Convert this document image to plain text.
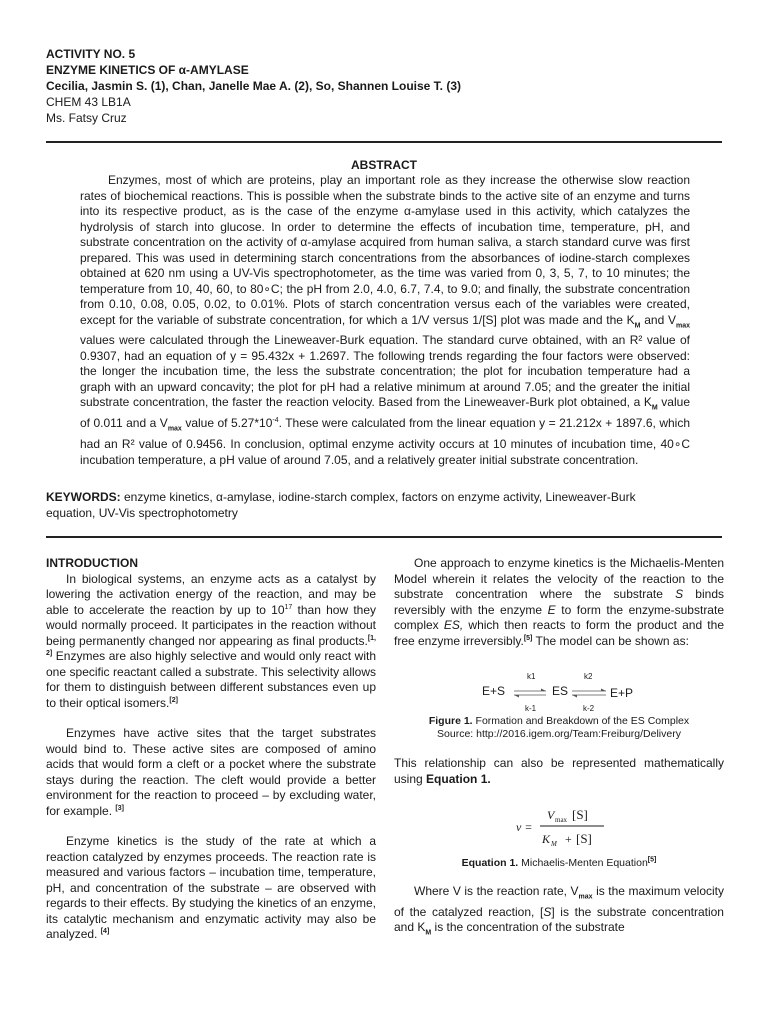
ACTIVITY NO. 5
ENZYME KINETICS OF α-AMYLASE
Cecilia, Jasmin S. (1), Chan, Janelle Mae A. (2), So, Shannen Louise T. (3)
CHEM 43 LB1A
Ms. Fatsy Cruz
ABSTRACT
Enzymes, most of which are proteins, play an important role as they increase the otherwise slow reaction rates of biochemical reactions. This is possible when the substrate binds to the active site of an enzyme and turns into its respective product, as is the case of the enzyme α-amylase used in this activity, which catalyzes the hydrolysis of starch into glucose. In order to determine the effects of incubation time, temperature, pH, and substrate concentration on the activity of α-amylase acquired from human saliva, a starch standard curve was first prepared. This was used in determining starch concentrations from the absorbances of iodine-starch complexes obtained at 620 nm using a UV-Vis spectrophotometer, as the time was varied from 0, 3, 5, 7, to 10 minutes; the temperature from 10, 40, 60, to 80∘C; the pH from 2.0, 4.0, 6.7, 7.4, to 9.0; and finally, the substrate concentration from 0.10, 0.08, 0.05, 0.02, to 0.01%. Plots of starch concentration versus each of the variables were created, except for the variable of substrate concentration, for which a 1/V versus 1/[S] plot was made and the $K_M$ and $V_{max}$ values were calculated through the Lineweaver-Burk equation. The standard curve obtained, with an R² value of 0.9307, had an equation of y = 95.432x + 1.2697. The following trends regarding the four factors were observed: the longer the incubation time, the less the substrate concentration; the plot for incubation temperature had a graph with an upward concavity; the plot for pH had a relative minimum at around 7.05; and the greater the initial substrate concentration, the faster the reaction velocity. Based from the Lineweaver-Burk plot obtained, a $K_M$ value of 0.011 and a $V_{max}$ value of $5.27*10^{-4}$. These were calculated from the linear equation y = 21.212x + 1897.6, which had an R² value of 0.9456. In conclusion, optimal enzyme activity occurs at 10 minutes of incubation time, 40∘C incubation temperature, a pH value of around 7.05, and a relatively greater initial substrate concentration.
KEYWORDS: enzyme kinetics, α-amylase, iodine-starch complex, factors on enzyme activity, Lineweaver-Burk equation, UV-Vis spectrophotometry

INTRODUCTION

In biological systems, an enzyme acts as a catalyst by lowering the activation energy of the reaction, and may be able to accelerate the reaction by up to $10^{17}$ than how they would normally proceed. It participates in the reaction without being permanently changed nor appearing as final products.[1, 2] Enzymes are also highly selective and would only react with one specific reactant called a substrate. This selectivity allows for them to distinguish between different substances even up to their optical isomers.[2]

Enzymes have active sites that the target substrates would bind to. These active sites are composed of amino acids that would form a cleft or a pocket where the substrate stays during the reaction. The cleft would provide a better environment for the reaction to proceed – by excluding water, for example. [3]

Enzyme kinetics is the study of the rate at which a reaction catalyzed by enzymes proceeds. The reaction rate is measured and various factors – incubation time, temperature, pH, and concentration of the substrate – are observed with regards to their effects. By studying the kinetics of an enzyme, its catalytic mechanism and enzymatic activity may also be analyzed. [4]

One approach to enzyme kinetics is the Michaelis-Menten Model wherein it relates the velocity of the reaction to the substrate concentration where the substrate S binds reversibly with the enzyme E to form the enzyme-substrate complex ES, which then reacts to form the product and the free enzyme irreversibly.[5] The model can be shown as:

E+S
k1
k-1
ES
k2
k-2
E+P
Figure 1. Formation and Breakdown of the ES Complex
Source: http://2016.igem.org/Team:Freiburg/Delivery

This relationship can also be represented mathematically using Equation 1.

v =
V max [S]
K M + [S]
Equation 1. Michaelis-Menten Equation[5]

Where V is the reaction rate, $V_{max}$ is the maximum velocity of the catalyzed reaction, [S] is the substrate concentration and $K_M$ is the concentration of the substrate
